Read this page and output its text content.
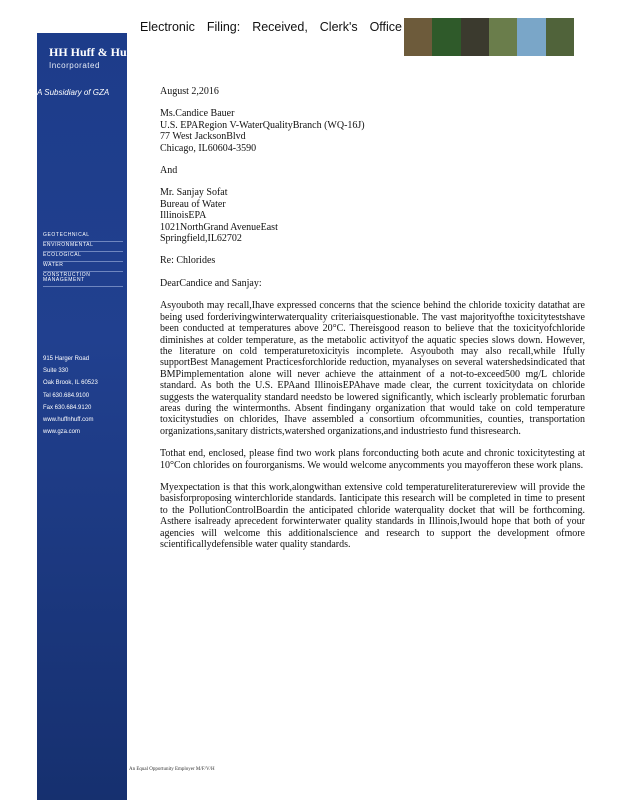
Electronic Filing: Received, Clerk's Office
HH Huff & Huff
Incorporated
A Subsidiary of GZA
GEOTECHNICAL
ENVIRONMENTAL
ECOLOGICAL
WATER
CONSTRUCTION MANAGEMENT
915 Harger Road
Suite 330
Oak Brook, IL 60523
Tel 630.684.9100
Fax 630.684.9120
www.huffnhuff.com
www.gza.com
August 2,2016
Ms.Candice Bauer
U.S. EPARegion V-WaterQualityBranch (WQ-16J)
77 West JacksonBlvd
Chicago, IL60604-3590
And
Mr. Sanjay Sofat
Bureau of Water
IllinoisEPA
1021NorthGrand AvenueEast
Springfield,IL62702
Re: Chlorides
DearCandice and Sanjay:

Asyouboth may recall,Ihave expressed concerns that the science behind the chloride toxicity datathat are being used forderivingwinterwaterquality criteriaisquestionable. The vast majorityofthe toxicitytestshave been conducted at temperatures above 20°C. Thereisgood reason to believe that the toxicityofchloride diminishes at colder temperature, as the metabolic activityof the aquatic species slows down. However, the literature on cold temperaturetoxicityis incomplete. Asyouboth may also recall,while Ifully supportBest Management Practicesforchloride reduction, myanalyses on several watershedsindicated that BMPimplementation alone will never achieve the attainment of a not-to-exceed500 mg/L chloride standard. As both the U.S. EPAand IllinoisEPAhave made clear, the current toxicitydata on chloride suggests the waterquality standard needsto be lowered significantly, which isclearly problematic forurban areas during the wintermonths. Absent findingany organization that would take on cold temperature toxicitystudies on chlorides, Ihave assembled a consortium ofcommunities, counties, transportation organizations,sanitary districts,watershed organizations,and industriesto fund thisresearch.

Tothat end, enclosed, please find two work plans forconducting both acute and chronic toxicitytesting at 10°Con chlorides on fourorganisms. We would welcome anycomments you mayofferon these work plans.

Myexpectation is that this work,alongwithan extensive cold temperatureliteraturereview will provide the basisforproposing winterchloride standards. Ianticipate this research will be completed in time to present to the PollutionControlBoardin the anticipated chloride waterquality docket that will be forthcoming. Asthere isalready aprecedent forwinterwater quality standards in Illinois,Iwould hope that both of your agencies will welcome this additionalscience and research to support the development ofmore scientificallydefensible water quality standards.

An Equal Opportunity Employer M/F/V/H
